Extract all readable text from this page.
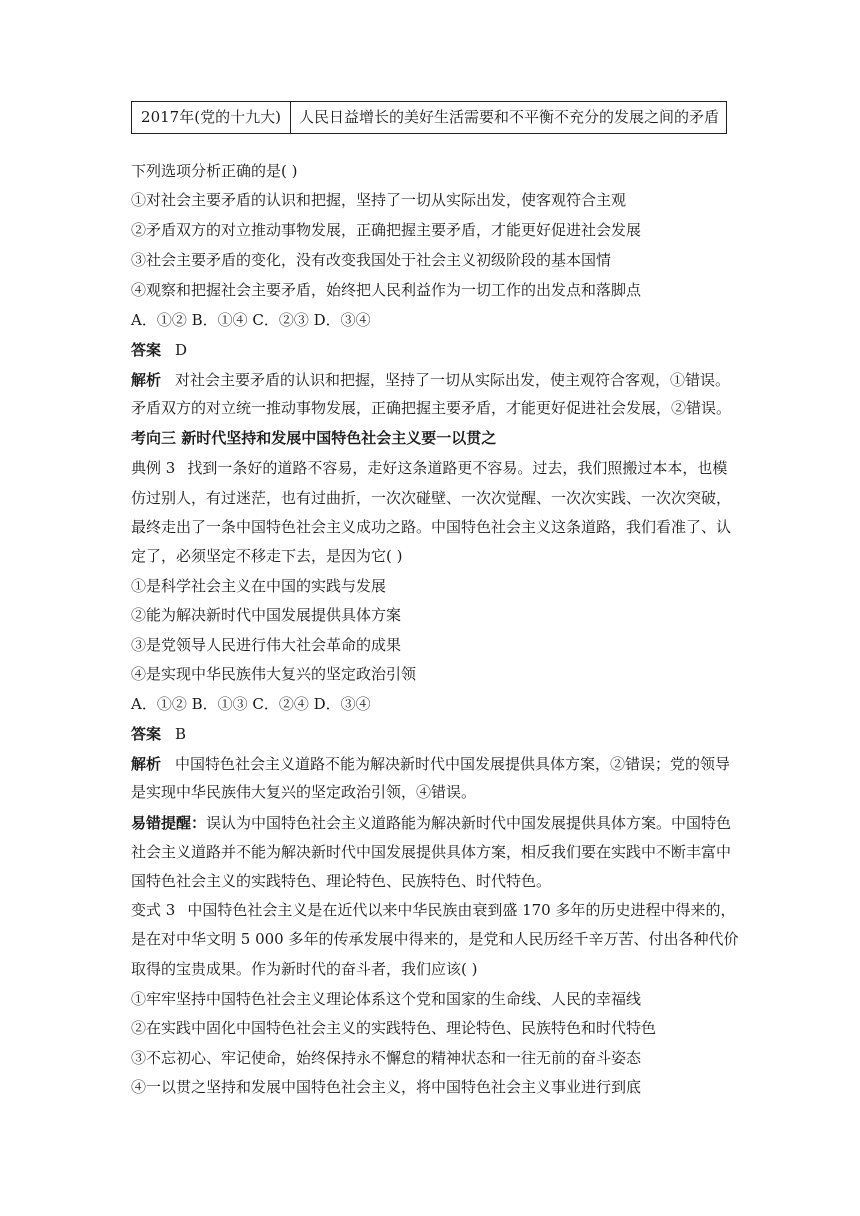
2017年(党的十九大)	人民日益增长的美好生活需要和不平衡不充分的发展之间的矛盾
下列选项分析正确的是( )
①对社会主要矛盾的认识和把握，坚持了一切从实际出发，使客观符合主观
②矛盾双方的对立推动事物发展，正确把握主要矛盾，才能更好促进社会发展
③社会主要矛盾的变化，没有改变我国处于社会主义初级阶段的基本国情
④观察和把握社会主要矛盾，始终把人民利益作为一切工作的出发点和落脚点
A．①② B．①④ C．②③ D．③④
答案 D
解析 对社会主要矛盾的认识和把握，坚持了一切从实际出发，使主观符合客观，①错误。
矛盾双方的对立统一推动事物发展，正确把握主要矛盾，才能更好促进社会发展，②错误。
考向三 新时代坚持和发展中国特色社会主义要一以贯之
典例 3 找到一条好的道路不容易，走好这条道路更不容易。过去，我们照搬过本本，也模
仿过别人，有过迷茫，也有过曲折，一次次碰壁、一次次觉醒、一次次实践、一次次突破，
最终走出了一条中国特色社会主义成功之路。中国特色社会主义这条道路，我们看准了、认
定了，必须坚定不移走下去，是因为它( )
①是科学社会主义在中国的实践与发展
②能为解决新时代中国发展提供具体方案
③是党领导人民进行伟大社会革命的成果
④是实现中华民族伟大复兴的坚定政治引领
A．①② B．①③ C．②④ D．③④
答案 B
解析 中国特色社会主义道路不能为解决新时代中国发展提供具体方案，②错误；党的领导
是实现中华民族伟大复兴的坚定政治引领，④错误。
易错提醒：误认为中国特色社会主义道路能为解决新时代中国发展提供具体方案。中国特色
社会主义道路并不能为解决新时代中国发展提供具体方案，相反我们要在实践中不断丰富中
国特色社会主义的实践特色、理论特色、民族特色、时代特色。
变式 3 中国特色社会主义是在近代以来中华民族由衰到盛 170 多年的历史进程中得来的，
是在对中华文明 5 000 多年的传承发展中得来的，是党和人民历经千辛万苦、付出各种代价
取得的宝贵成果。作为新时代的奋斗者，我们应该( )
①牢牢坚持中国特色社会主义理论体系这个党和国家的生命线、人民的幸福线
②在实践中固化中国特色社会主义的实践特色、理论特色、民族特色和时代特色
③不忘初心、牢记使命，始终保持永不懈怠的精神状态和一往无前的奋斗姿态
④一以贯之坚持和发展中国特色社会主义，将中国特色社会主义事业进行到底
